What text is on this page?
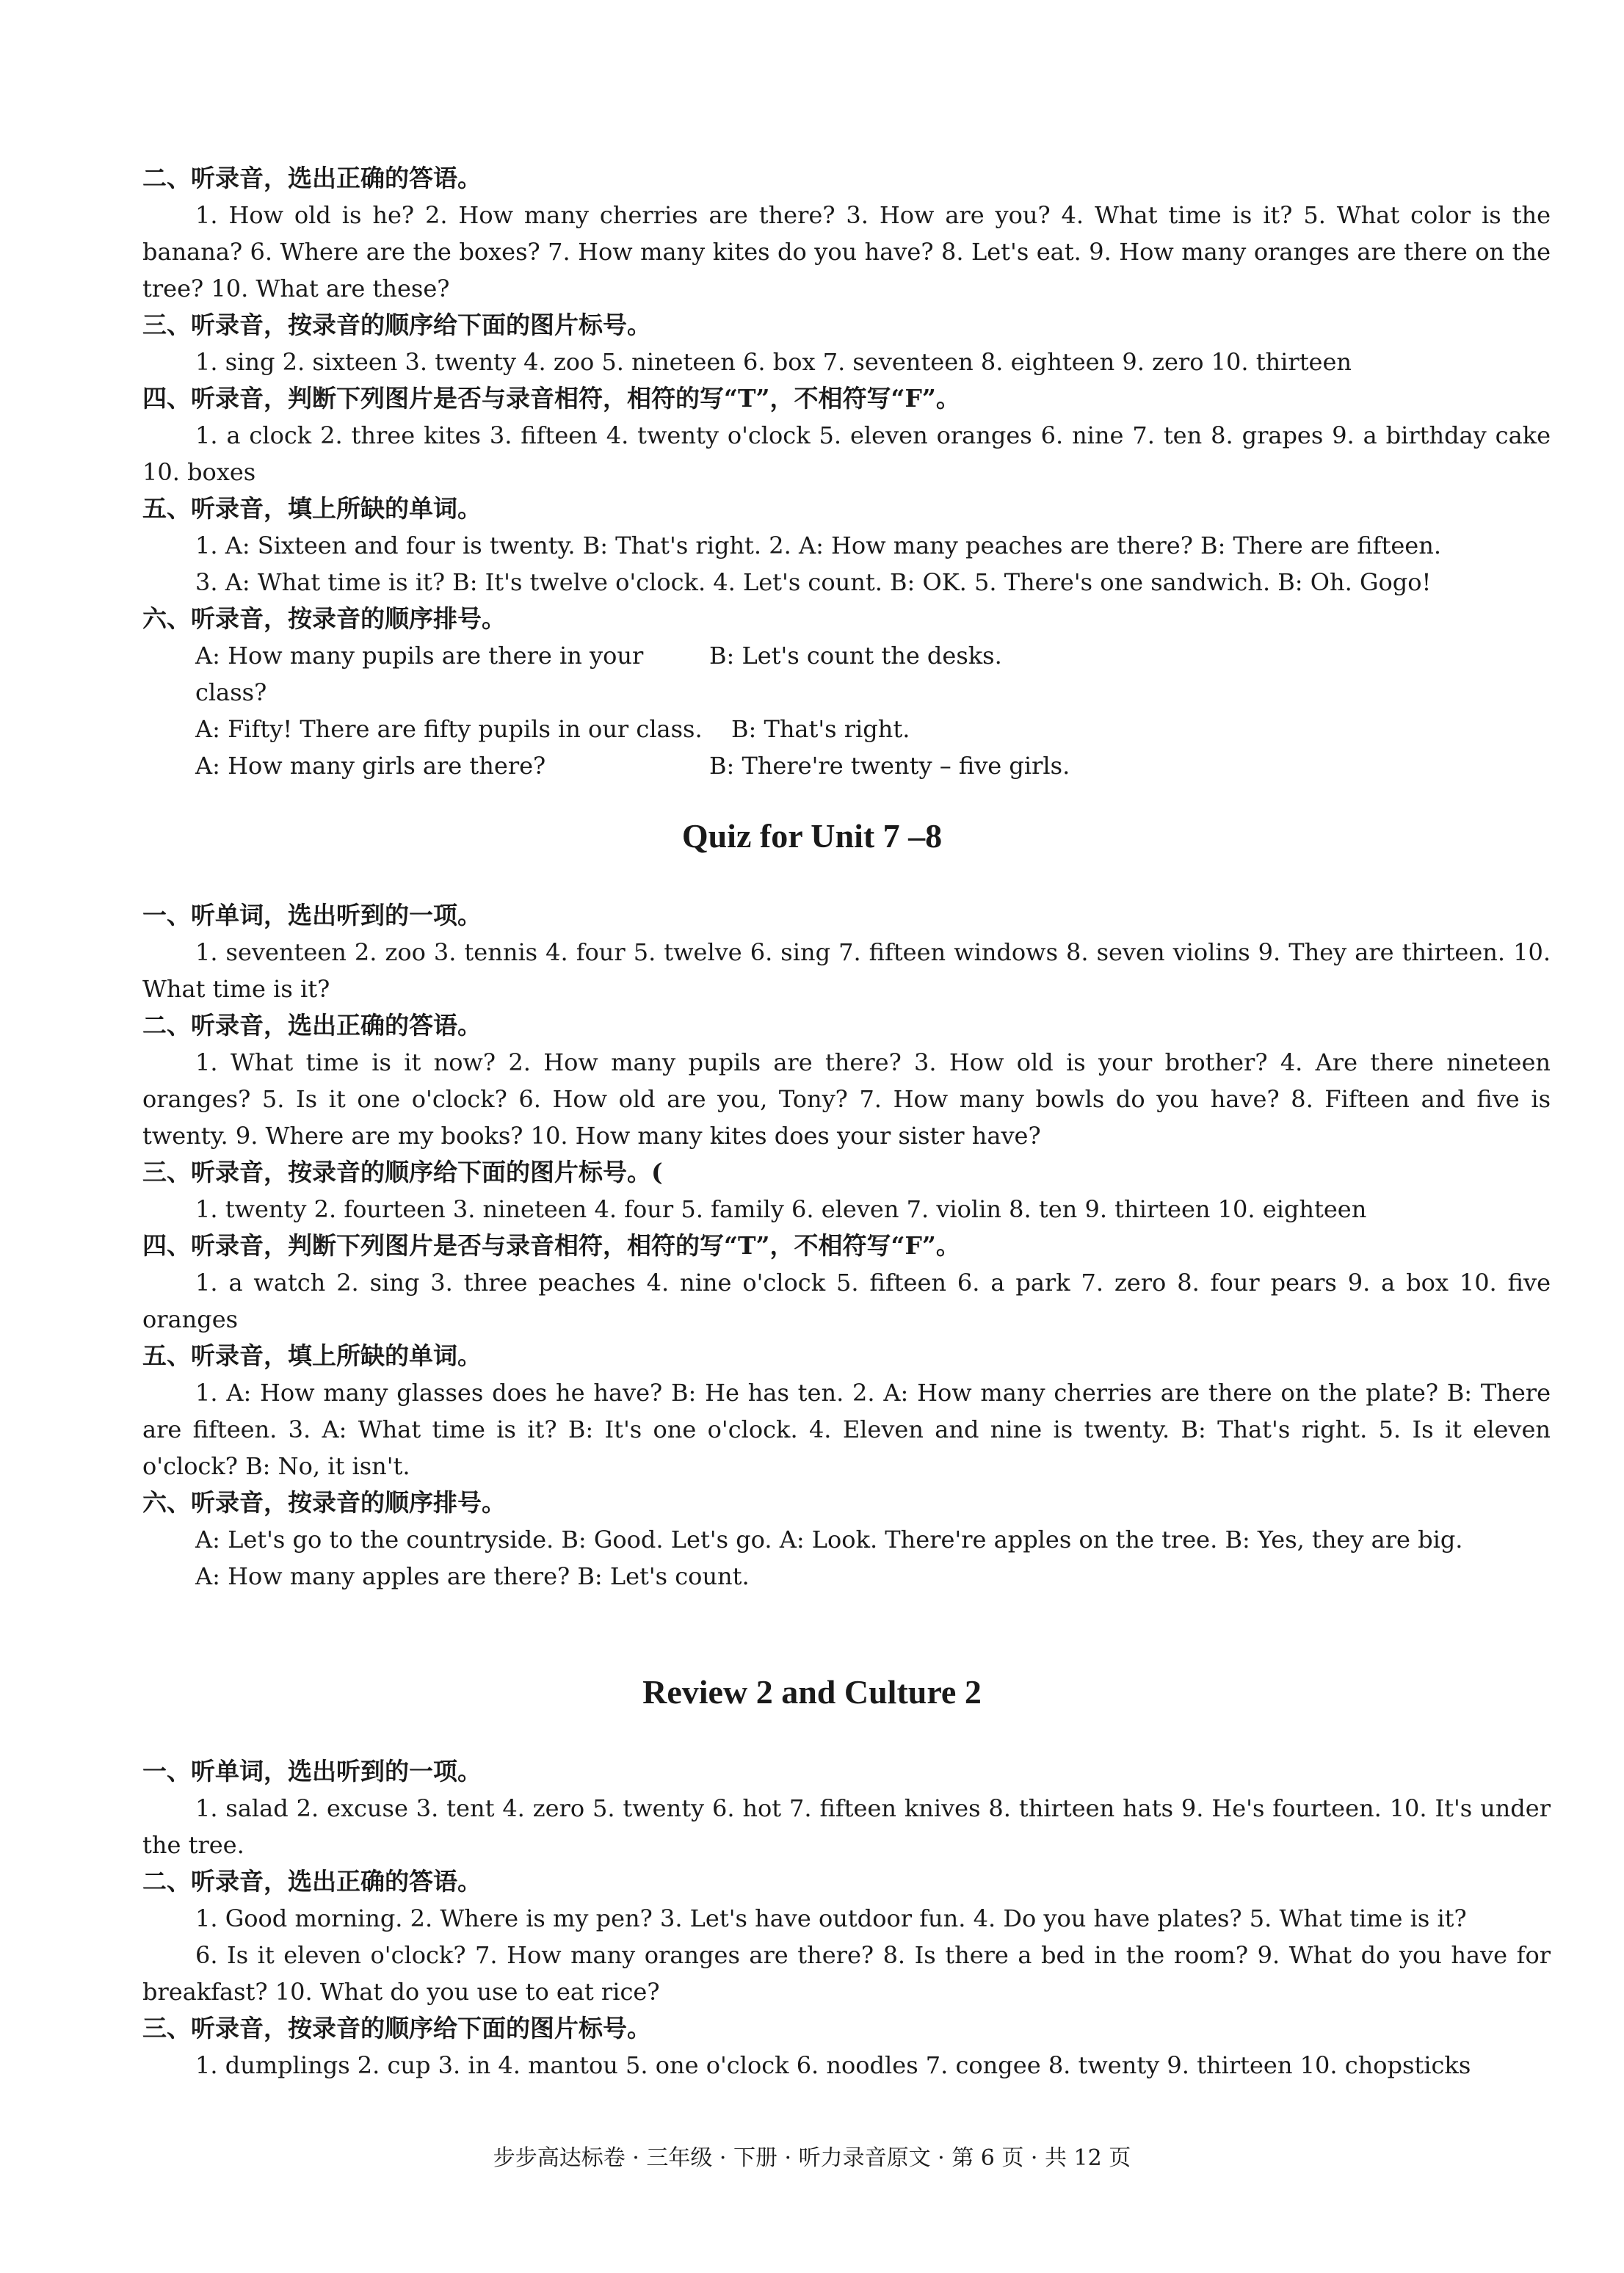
二、听录音，选出正确的答语。

1. How old is he? 2. How many cherries are there? 3. How are you? 4. What time is it? 5. What color is the banana? 6. Where are the boxes? 7. How many kites do you have? 8. Let's eat. 9. How many oranges are there on the tree? 10. What are these?

三、听录音，按录音的顺序给下面的图片标号。

1. sing 2. sixteen 3. twenty 4. zoo 5. nineteen 6. box 7. seventeen 8. eighteen 9. zero 10. thirteen

四、听录音，判断下列图片是否与录音相符，相符的写“T”，不相符写“F”。

1. a clock 2. three kites 3. fifteen 4. twenty o'clock 5. eleven oranges 6. nine 7. ten 8. grapes 9. a birthday cake 10. boxes

五、听录音，填上所缺的单词。

1. A: Sixteen and four is twenty. B: That's right. 2. A: How many peaches are there? B: There are fifteen.

3. A: What time is it? B: It's twelve o'clock. 4. Let's count. B: OK. 5. There's one sandwich. B: Oh. Gogo!

六、听录音，按录音的顺序排号。

A: How many pupils are there in your class?
B: Let's count the desks.
A: Fifty! There are fifty pupils in our class.	B: That's right.
A: How many girls are there?	B: There're twenty – five girls.
Quiz for Unit 7 –8

一、听单词，选出听到的一项。

1. seventeen 2. zoo 3. tennis 4. four 5. twelve 6. sing 7. fifteen windows 8. seven violins 9. They are thirteen. 10. What time is it?

二、听录音，选出正确的答语。

1. What time is it now? 2. How many pupils are there? 3. How old is your brother? 4. Are there nineteen oranges? 5. Is it one o'clock? 6. How old are you, Tony? 7. How many bowls do you have? 8. Fifteen and five is twenty. 9. Where are my books? 10. How many kites does your sister have?

三、听录音，按录音的顺序给下面的图片标号。(

1. twenty 2. fourteen 3. nineteen 4. four 5. family 6. eleven 7. violin 8. ten 9. thirteen 10. eighteen

四、听录音，判断下列图片是否与录音相符，相符的写“T”，不相符写“F”。

1. a watch 2. sing 3. three peaches 4. nine o'clock 5. fifteen 6. a park 7. zero 8. four pears 9. a box 10. five oranges

五、听录音，填上所缺的单词。

1. A: How many glasses does he have? B: He has ten. 2. A: How many cherries are there on the plate? B: There are fifteen. 3. A: What time is it? B: It's one o'clock. 4. Eleven and nine is twenty. B: That's right. 5. Is it eleven o'clock? B: No, it isn't.

六、听录音，按录音的顺序排号。

A: Let's go to the countryside. B: Good. Let's go. A: Look. There're apples on the tree. B: Yes, they are big.

A: How many apples are there? B: Let's count.

Review 2 and Culture 2

一、听单词，选出听到的一项。

1. salad 2. excuse 3. tent 4. zero 5. twenty 6. hot 7. fifteen knives 8. thirteen hats 9. He's fourteen. 10. It's under the tree.

二、听录音，选出正确的答语。

1. Good morning. 2. Where is my pen? 3. Let's have outdoor fun. 4. Do you have plates? 5. What time is it?

6. Is it eleven o'clock? 7. How many oranges are there? 8. Is there a bed in the room? 9. What do you have for breakfast? 10. What do you use to eat rice?

三、听录音，按录音的顺序给下面的图片标号。

1. dumplings 2. cup 3. in 4. mantou 5. one o'clock 6. noodles 7. congee 8. twenty 9. thirteen 10. chopsticks

步步高达标卷 · 三年级 · 下册 · 听力录音原文 · 第 6 页 · 共 12 页
